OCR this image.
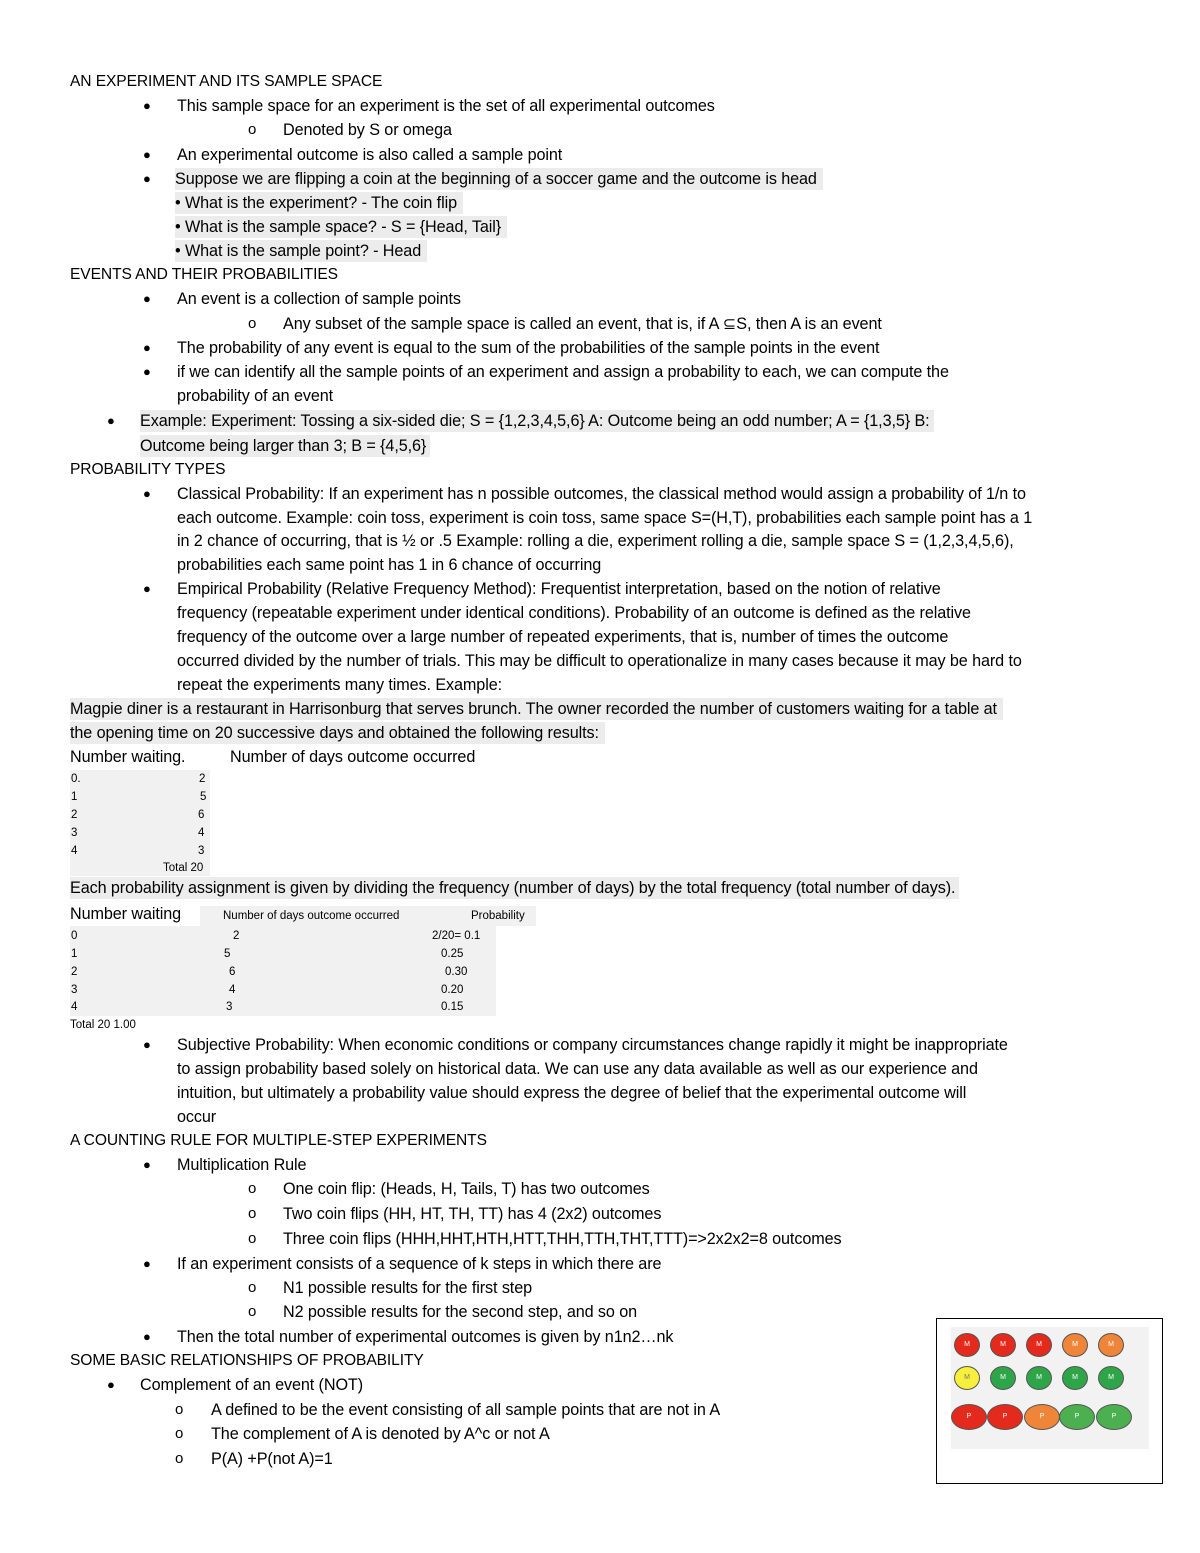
AN EXPERIMENT AND ITS SAMPLE SPACE
● This sample space for an experiment is the set of all experimental outcomes
o Denoted by S or omega
● An experimental outcome is also called a sample point
● Suppose we are flipping a coin at the beginning of a soccer game and the outcome is head
• What is the experiment? - The coin flip
• What is the sample space? - S = {Head, Tail}
• What is the sample point? - Head
EVENTS AND THEIR PROBABILITIES
● An event is a collection of sample points
o Any subset of the sample space is called an event, that is, if A ⊆S, then A is an event
● The probability of any event is equal to the sum of the probabilities of the sample points in the event
● if we can identify all the sample points of an experiment and assign a probability to each, we can compute the
probability of an event
● Example: Experiment: Tossing a six-sided die; S = {1,2,3,4,5,6} A: Outcome being an odd number; A = {1,3,5} B:
Outcome being larger than 3; B = {4,5,6}
PROBABILITY TYPES
● Classical Probability: If an experiment has n possible outcomes, the classical method would assign a probability of 1/n to
each outcome. Example: coin toss, experiment is coin toss, same space S=(H,T), probabilities each sample point has a 1
in 2 chance of occurring, that is ½ or .5 Example: rolling a die, experiment rolling a die, sample space S = (1,2,3,4,5,6),
probabilities each same point has 1 in 6 chance of occurring
● Empirical Probability (Relative Frequency Method): Frequentist interpretation, based on the notion of relative
frequency (repeatable experiment under identical conditions). Probability of an outcome is defined as the relative
frequency of the outcome over a large number of repeated experiments, that is, number of times the outcome
occurred divided by the number of trials. This may be difficult to operationalize in many cases because it may be hard to
repeat the experiments many times. Example:
Magpie diner is a restaurant in Harrisonburg that serves brunch. The owner recorded the number of customers waiting for a table at
the opening time on 20 successive days and obtained the following results:
Number waiting.	Number of days outcome occurred
0.	2
1	5
2	6
3	4
4	3
Total 20
Each probability assignment is given by dividing the frequency (number of days) by the total frequency (total number of days).
Number waiting	Number of days outcome occurred	Probability
0	2	2/20= 0.1
1	5	0.25
2	6	0.30
3	4	0.20
4	3	0.15
Total 20 1.00
● Subjective Probability: When economic conditions or company circumstances change rapidly it might be inappropriate
to assign probability based solely on historical data. We can use any data available as well as our experience and
intuition, but ultimately a probability value should express the degree of belief that the experimental outcome will
occur
A COUNTING RULE FOR MULTIPLE-STEP EXPERIMENTS
● Multiplication Rule
o One coin flip: (Heads, H, Tails, T) has two outcomes
o Two coin flips (HH, HT, TH, TT) has 4 (2x2) outcomes
o Three coin flips (HHH,HHT,HTH,HTT,THH,TTH,THT,TTT)=>2x2x2=8 outcomes
● If an experiment consists of a sequence of k steps in which there are
o N1 possible results for the first step
o N2 possible results for the second step, and so on
● Then the total number of experimental outcomes is given by n1n2…nk
SOME BASIC RELATIONSHIPS OF PROBABILITY
● Complement of an event (NOT)
o A defined to be the event consisting of all sample points that are not in A
o The complement of A is denoted by A^c or not A
o P(A) +P(not A)=1
M	M	M	M	M
M	M	M	M	M
P	P	P	P	P
